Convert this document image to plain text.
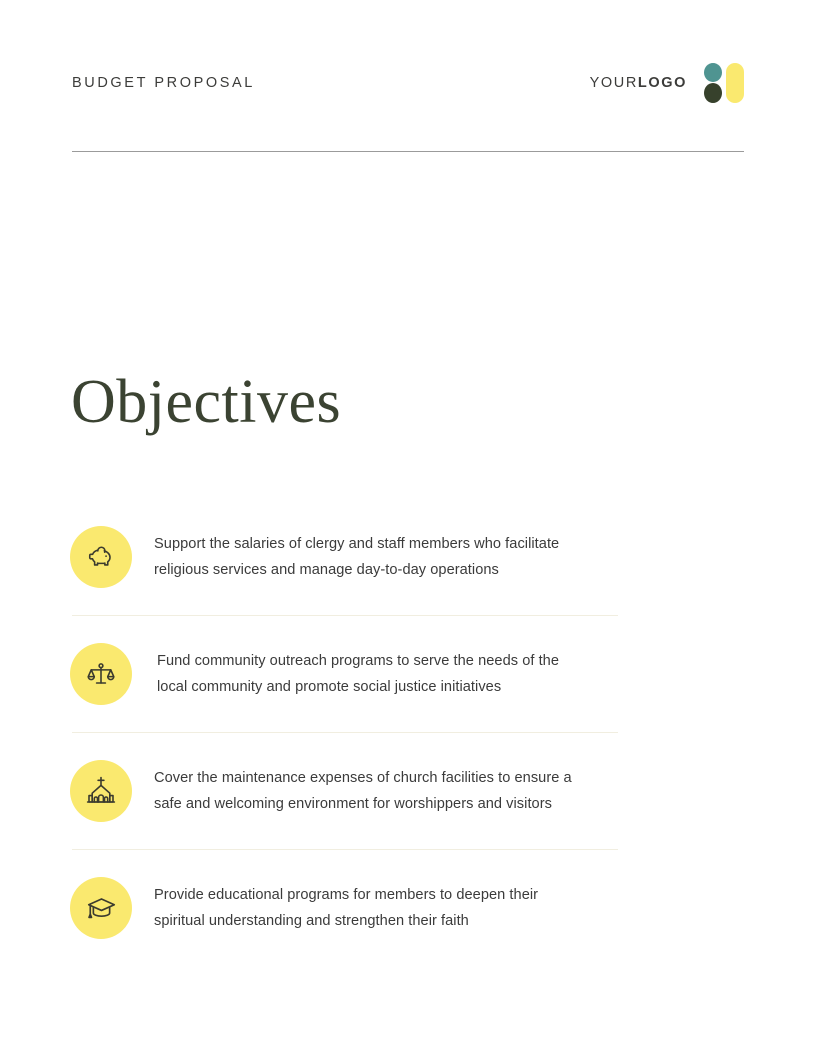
BUDGET PROPOSAL	YOURLOGO
Objectives
Support the salaries of clergy and staff members who facilitate
religious services and manage day-to-day operations
Fund community outreach programs to serve the needs of the
local community and promote social justice initiatives
Cover the maintenance expenses of church facilities to ensure a
safe and welcoming environment for worshippers and visitors
Provide educational programs for members to deepen their
spiritual understanding and strengthen their faith
